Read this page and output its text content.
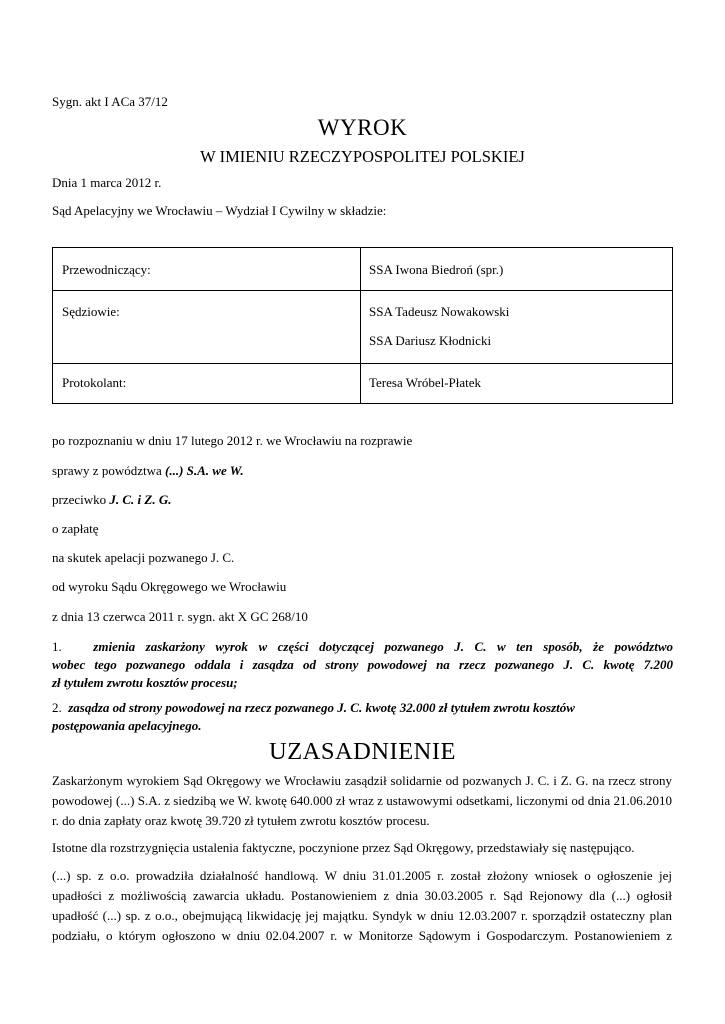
Sygn. akt I ACa 37/12
WYROK
W IMIENIU RZECZYPOSPOLITEJ POLSKIEJ
Dnia 1 marca 2012 r.
Sąd Apelacyjny we Wrocławiu – Wydział I Cywilny w składzie:
Przewodniczący:	SSA Iwona Biedroń (spr.)
Sędziowie:	SSA Tadeusz Nowakowski
SSA Dariusz Kłodnicki
Protokolant:	Teresa Wróbel-Płatek
po rozpoznaniu w dniu 17 lutego 2012 r. we Wrocławiu na rozprawie
sprawy z powództwa (...) S.A. we W.
przeciwko J. C. i Z. G.
o zapłatę
na skutek apelacji pozwanego J. C.
od wyroku Sądu Okręgowego we Wrocławiu
z dnia 13 czerwca 2011 r. sygn. akt X GC 268/10
1. zmienia zaskarżony wyrok w części dotyczącej pozwanego J. C. w ten sposób, że powództwo
wobec tego pozwanego oddala i zasądza od strony powodowej na rzecz pozwanego J. C. kwotę 7.200
zł tytułem zwrotu kosztów procesu;
2. zasądza od strony powodowej na rzecz pozwanego J. C. kwotę 32.000 zł tytułem zwrotu kosztów
postępowania apelacyjnego.
UZASADNIENIE
Zaskarżonym wyrokiem Sąd Okręgowy we Wrocławiu zasądził solidarnie od pozwanych J. C. i Z. G. na rzecz strony
powodowej (...) S.A. z siedzibą we W. kwotę 640.000 zł wraz z ustawowymi odsetkami, liczonymi od dnia 21.06.2010
r. do dnia zapłaty oraz kwotę 39.720 zł tytułem zwrotu kosztów procesu.
Istotne dla rozstrzygnięcia ustalenia faktyczne, poczynione przez Sąd Okręgowy, przedstawiały się następująco.
(...) sp. z o.o. prowadziła działalność handlową. W dniu 31.01.2005 r. został złożony wniosek o ogłoszenie jej
upadłości z możliwością zawarcia układu. Postanowieniem z dnia 30.03.2005 r. Sąd Rejonowy dla (...) ogłosił
upadłość (...) sp. z o.o., obejmującą likwidację jej majątku. Syndyk w dniu 12.03.2007 r. sporządził ostateczny plan
podziału, o którym ogłoszono w dniu 02.04.2007 r. w Monitorze Sądowym i Gospodarczym. Postanowieniem z
